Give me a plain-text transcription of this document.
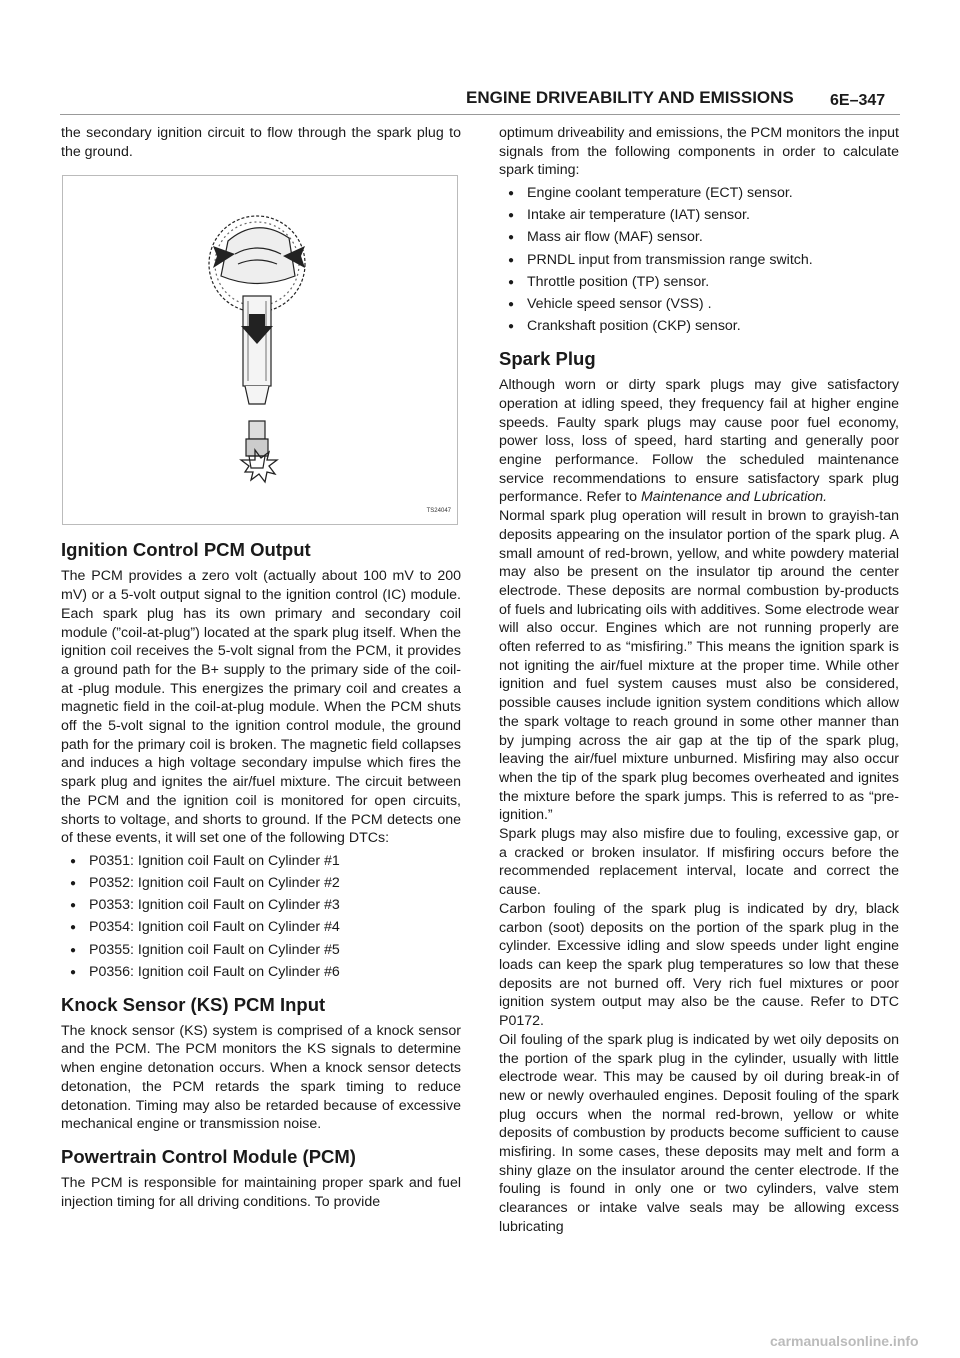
ENGINE DRIVEABILITY AND EMISSIONS 6E–347

the secondary ignition circuit to flow through the spark plug to the ground.

TS24047
Ignition Control PCM Output

The PCM provides a zero volt (actually about 100 mV to 200 mV) or a 5-volt output signal to the ignition control (IC) module. Each spark plug has its own primary and secondary coil module (”coil-at-plug”) located at the spark plug itself. When the ignition coil receives the 5-volt signal from the PCM, it provides a ground path for the B+ supply to the primary side of the coil-at -plug module. This energizes the primary coil and creates a magnetic field in the coil-at-plug module. When the PCM shuts off the 5-volt signal to the ignition control module, the ground path for the primary coil is broken. The magnetic field collapses and induces a high voltage secondary impulse which fires the spark plug and ignites the air/fuel mixture. The circuit between the PCM and the ignition coil is monitored for open circuits, shorts to voltage, and shorts to ground. If the PCM detects one of these events, it will set one of the following DTCs:

● P0351: Ignition coil Fault on Cylinder #1
● P0352: Ignition coil Fault on Cylinder #2
● P0353: Ignition coil Fault on Cylinder #3
● P0354: Ignition coil Fault on Cylinder #4
● P0355: Ignition coil Fault on Cylinder #5
● P0356: Ignition coil Fault on Cylinder #6
Knock Sensor (KS) PCM Input

The knock sensor (KS) system is comprised of a knock sensor and the PCM. The PCM monitors the KS signals to determine when engine detonation occurs. When a knock sensor detects detonation, the PCM retards the spark timing to reduce detonation. Timing may also be retarded because of excessive mechanical engine or transmission noise.

Powertrain Control Module (PCM)

The PCM is responsible for maintaining proper spark and fuel injection timing for all driving conditions. To provide

optimum driveability and emissions, the PCM monitors the input signals from the following components in order to calculate spark timing:

● Engine coolant temperature (ECT) sensor.
● Intake air temperature (IAT) sensor.
● Mass air flow (MAF) sensor.
● PRNDL input from transmission range switch.
● Throttle position (TP) sensor.
● Vehicle speed sensor (VSS) .
● Crankshaft position (CKP) sensor.
Spark Plug

Although worn or dirty spark plugs may give satisfactory operation at idling speed, they frequency fail at higher engine speeds. Faulty spark plugs may cause poor fuel economy, power loss, loss of speed, hard starting and generally poor engine performance. Follow the scheduled maintenance service recommendations to ensure satisfactory spark plug performance. Refer to Maintenance and Lubrication.

Normal spark plug operation will result in brown to grayish-tan deposits appearing on the insulator portion of the spark plug. A small amount of red-brown, yellow, and white powdery material may also be present on the insulator tip around the center electrode. These deposits are normal combustion by-products of fuels and lubricating oils with additives. Some electrode wear will also occur. Engines which are not running properly are often referred to as “misfiring.” This means the ignition spark is not igniting the air/fuel mixture at the proper time. While other ignition and fuel system causes must also be considered, possible causes include ignition system conditions which allow the spark voltage to reach ground in some other manner than by jumping across the air gap at the tip of the spark plug, leaving the air/fuel mixture unburned. Misfiring may also occur when the tip of the spark plug becomes overheated and ignites the mixture before the spark jumps. This is referred to as “pre-ignition.”

Spark plugs may also misfire due to fouling, excessive gap, or a cracked or broken insulator. If misfiring occurs before the recommended replacement interval, locate and correct the cause.

Carbon fouling of the spark plug is indicated by dry, black carbon (soot) deposits on the portion of the spark plug in the cylinder. Excessive idling and slow speeds under light engine loads can keep the spark plug temperatures so low that these deposits are not burned off. Very rich fuel mixtures or poor ignition system output may also be the cause. Refer to DTC P0172.

Oil fouling of the spark plug is indicated by wet oily deposits on the portion of the spark plug in the cylinder, usually with little electrode wear. This may be caused by oil during break-in of new or newly overhauled engines. Deposit fouling of the spark plug occurs when the normal red-brown, yellow or white deposits of combustion by products become sufficient to cause misfiring. In some cases, these deposits may melt and form a shiny glaze on the insulator around the center electrode. If the fouling is found in only one or two cylinders, valve stem clearances or intake valve seals may be allowing excess lubricating

carmanualsonline.info
